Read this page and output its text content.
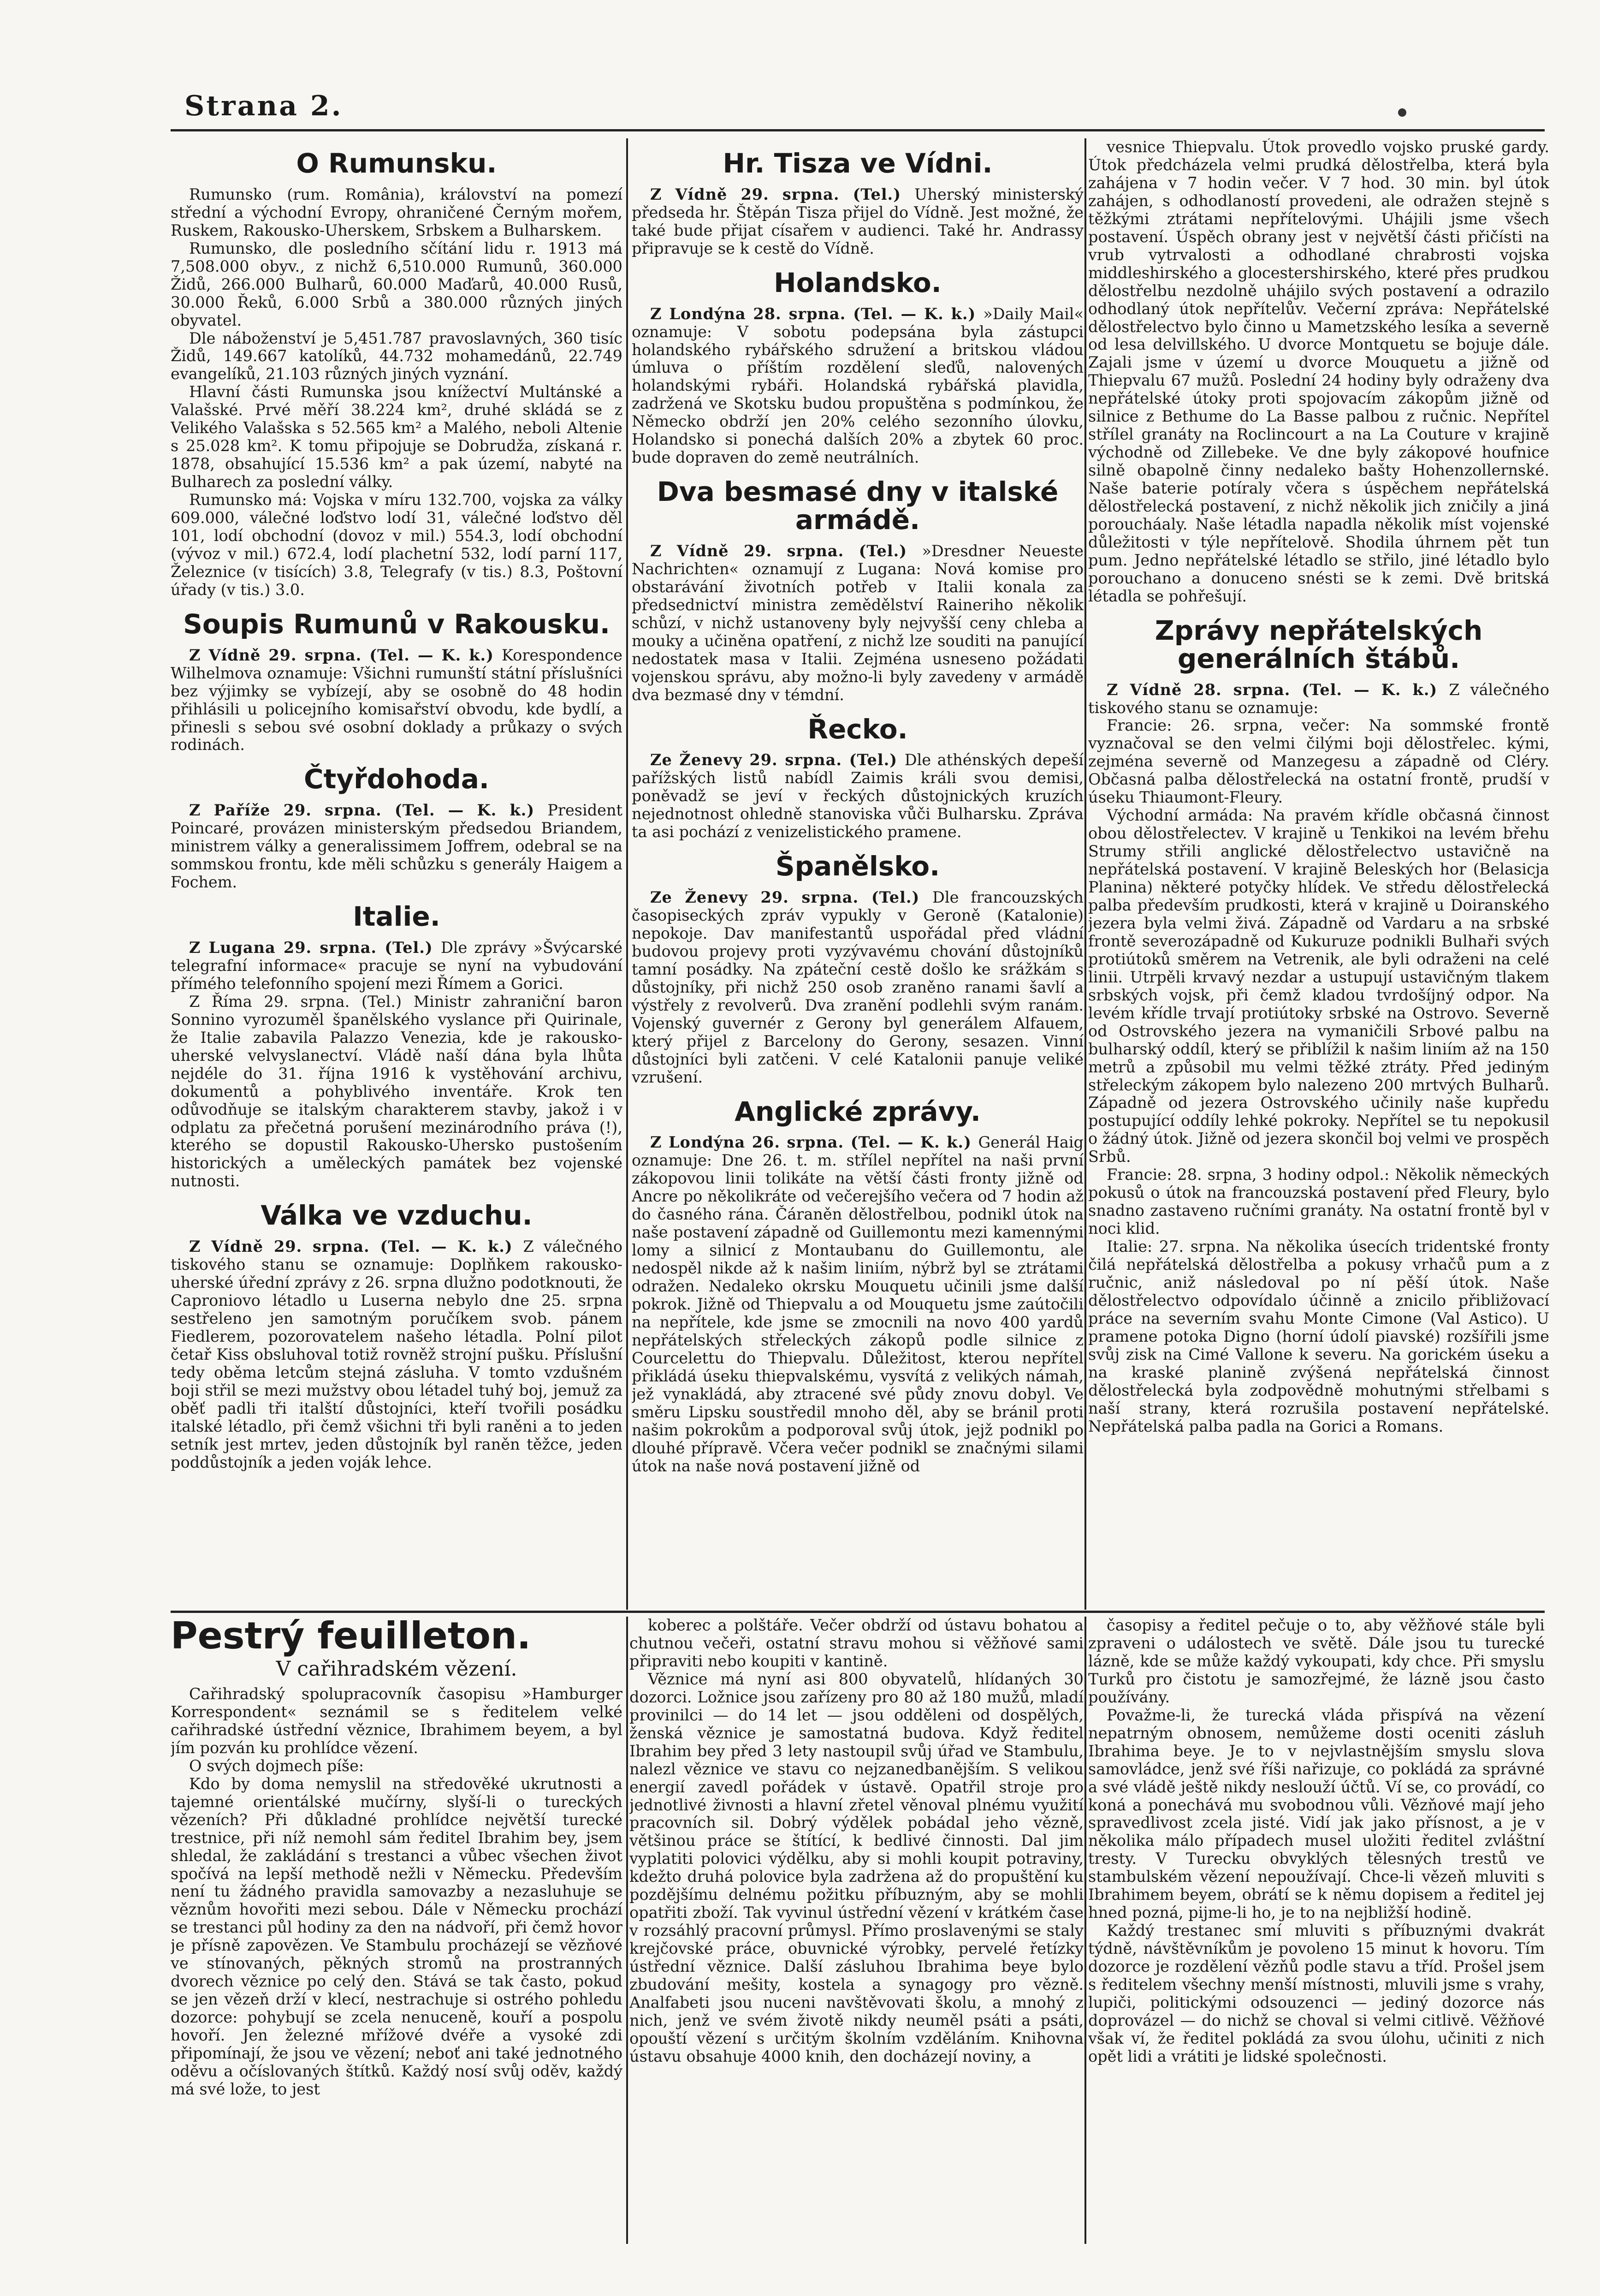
Strana 2.
O Rumunsku.

Rumunsko (rum. România), království na pomezí střední a východní Evropy, ohraničené Černým mořem, Ruskem, Rakousko-Uherskem, Srbskem a Bulharskem.

Rumunsko, dle posledního sčítání lidu r. 1913 má 7,508.000 obyv., z nichž 6,510.000 Rumunů, 360.000 Židů, 266.000 Bulharů, 60.000 Maďarů, 40.000 Rusů, 30.000 Řeků, 6.000 Srbů a 380.000 různých jiných obyvatel.

Dle náboženství je 5,451.787 pravoslavných, 360 tisíc Židů, 149.667 katolíků, 44.732 mohamedánů, 22.749 evangelíků, 21.103 různých jiných vyznání.

Hlavní části Rumunska jsou knížectví Multánské a Valašské. Prvé měří 38.224 km², druhé skládá se z Velikého Valašska s 52.565 km² a Malého, neboli Altenie s 25.028 km². K tomu připojuje se Dobrudža, získaná r. 1878, obsahující 15.536 km² a pak území, nabyté na Bulharech za poslední války.

Rumunsko má: Vojska v míru 132.700, vojska za války 609.000, válečné loďstvo lodí 31, válečné loďstvo děl 101, lodí obchodní (dovoz v mil.) 554.3, lodí obchodní (vývoz v mil.) 672.4, lodí plachetní 532, lodí parní 117, Železnice (v tisících) 3.8, Telegrafy (v tis.) 8.3, Poštovní úřady (v tis.) 3.0.

Soupis Rumunů v Rakousku.

Z Vídně 29. srpna. (Tel. — K. k.) Korespondence Wilhelmova oznamuje: Všichni rumunští státní příslušníci bez výjimky se vybízejí, aby se osobně do 48 hodin přihlásili u policejního komisařství obvodu, kde bydlí, a přinesli s sebou své osobní doklady a průkazy o svých rodinách.

Čtyřdohoda.

Z Paříže 29. srpna. (Tel. — K. k.) President Poincaré, provázen ministerským předsedou Briandem, ministrem války a generalissimem Joffrem, odebral se na sommskou frontu, kde měli schůzku s generály Haigem a Fochem.

Italie.

Z Lugana 29. srpna. (Tel.) Dle zprávy »Švýcarské telegrafní informace« pracuje se nyní na vybudování přímého telefonního spojení mezi Římem a Gorici.

Z Říma 29. srpna. (Tel.) Ministr zahraniční baron Sonnino vyrozuměl španělského vyslance při Quirinale, že Italie zabavila Palazzo Venezia, kde je rakousko-uherské velvyslanectví. Vládě naší dána byla lhůta nejdéle do 31. října 1916 k vystěhování archivu, dokumentů a pohyblivého inventáře. Krok ten odůvodňuje se italským charakterem stavby, jakož i v odplatu za přečetná porušení mezinárodního práva (!), kterého se dopustil Rakousko-Uhersko pustošením historických a uměleckých památek bez vojenské nutnosti.

Válka ve vzduchu.

Z Vídně 29. srpna. (Tel. — K. k.) Z válečného tiskového stanu se oznamuje: Doplňkem rakousko-uherské úřední zprávy z 26. srpna dlužno podotknouti, že Caproniovo létadlo u Luserna nebylo dne 25. srpna sestřeleno jen samotným poručíkem svob. pánem Fiedlerem, pozorovatelem našeho létadla. Polní pilot četař Kiss obsluhoval totiž rovněž strojní pušku. Příslušní tedy oběma letcům stejná zásluha. V tomto vzdušném boji střil se mezi mužstvy obou létadel tuhý boj, jemuž za oběť padli tři italští důstojníci, kteří tvořili posádku italské létadlo, při čemž všichni tři byli raněni a to jeden setník jest mrtev, jeden důstojník byl raněn těžce, jeden poddůstojník a jeden voják lehce.

Hr. Tisza ve Vídni.

Z Vídně 29. srpna. (Tel.) Uherský ministerský předseda hr. Štěpán Tisza přijel do Vídně. Jest možné, že také bude přijat císařem v audienci. Také hr. Andrassy připravuje se k cestě do Vídně.

Holandsko.

Z Londýna 28. srpna. (Tel. — K. k.) »Daily Mail« oznamuje: V sobotu podepsána byla zástupci holandského rybářského sdružení a britskou vládou úmluva o příštím rozdělení sleďů, nalovených holandskými rybáři. Holandská rybářská plavidla, zadržená ve Skotsku budou propuštěna s podmínkou, že Německo obdrží jen 20% celého sezonního úlovku, Holandsko si ponechá dalších 20% a zbytek 60 proc. bude dopraven do země neutrálních.

Dva besmasé dny v italské armádě.

Z Vídně 29. srpna. (Tel.) »Dresdner Neueste Nachrichten« oznamují z Lugana: Nová komise pro obstarávání životních potřeb v Italii konala za předsednictví ministra zemědělství Raineriho několik schůzí, v nichž ustanoveny byly nejvyšší ceny chleba a mouky a učiněna opatření, z nichž lze souditi na panující nedostatek masa v Italii. Zejména usneseno požádati vojenskou správu, aby možno-li byly zavedeny v armádě dva bezmasé dny v témdní.

Řecko.

Ze Ženevy 29. srpna. (Tel.) Dle athénských depeší pařížských listů nabídl Zaimis králi svou demisi, poněvadž se jeví v řeckých důstojnických kruzích nejednotnost ohledně stanoviska vůči Bulharsku. Zpráva ta asi pochází z venizelistického pramene.

Španělsko.

Ze Ženevy 29. srpna. (Tel.) Dle francouzských časopiseckých zpráv vypukly v Geroně (Katalonie) nepokoje. Dav manifestantů uspořádal před vládní budovou projevy proti vyzývavému chování důstojníků tamní posádky. Na zpáteční cestě došlo ke srážkám s důstojníky, při nichž 250 osob zraněno ranami šavlí a výstřely z revolverů. Dva zranění podlehli svým ranám. Vojenský guvernér z Gerony byl generálem Alfauem, který přijel z Barcelony do Gerony, sesazen. Vinní důstojníci byli zatčeni. V celé Katalonii panuje veliké vzrušení.

Anglické zprávy.

Z Londýna 26. srpna. (Tel. — K. k.) Generál Haig oznamuje: Dne 26. t. m. střílel nepřítel na naši první zákopovou linii tolikáte na větší části fronty jižně od Ancre po několikráte od večerejšího večera od 7 hodin až do časného rána. Čáraněn dělostřelbou, podnikl útok na naše postavení západně od Guillemontu mezi kamennými lomy a silnicí z Montaubanu do Guillemontu, ale nedospěl nikde až k našim liniím, nýbrž byl se ztrátami odražen. Nedaleko okrsku Mouquetu učinili jsme další pokrok. Jižně od Thiepvalu a od Mouquetu jsme zaútočili na nepřítele, kde jsme se zmocnili na novo 400 yardů nepřátelských střeleckých zákopů podle silnice z Courcelettu do Thiepvalu. Důležitost, kterou nepřítel přikládá úseku thiepvalskému, vysvítá z velikých námah, jež vynakládá, aby ztracené své půdy znovu dobyl. Ve směru Lipsku soustředil mnoho děl, aby se bránil proti našim pokrokům a podporoval svůj útok, jejž podnikl po dlouhé přípravě. Včera večer podnikl se značnými silami útok na naše nová postavení jižně od

vesnice Thiepvalu. Útok provedlo vojsko pruské gardy. Útok předcházela velmi prudká dělostřelba, která byla zahájena v 7 hodin večer. V 7 hod. 30 min. byl útok zahájen, s odhodlaností provedeni, ale odražen stejně s těžkými ztrátami nepřítelovými. Uhájili jsme všech postavení. Úspěch obrany jest v největší části přičísti na vrub vytrvalosti a odhodlané chrabrosti vojska middleshirského a glocestershirského, které přes prudkou dělostřelbu nezdolně uhájilo svých postavení a odrazilo odhodlaný útok nepřítelův. Večerní zpráva: Nepřátelské dělostřelectvo bylo činno u Mametzského lesíka a severně od lesa delvillského. U dvorce Montquetu se bojuje dále. Zajali jsme v území u dvorce Mouquetu a jižně od Thiepvalu 67 mužů. Poslední 24 hodiny byly odraženy dva nepřátelské útoky proti spojovacím zákopům jižně od silnice z Bethume do La Basse palbou z ručnic. Nepřítel střílel granáty na Roclincourt a na La Couture v krajině východně od Zillebeke. Ve dne byly zákopové houfnice silně obapolně činny nedaleko bašty Hohenzollernské. Naše baterie potíraly včera s úspěchem nepřátelská dělostřelecká postavení, z nichž několik jich zničily a jiná poroucháaly. Naše létadla napadla několik míst vojenské důležitosti v týle nepřítelově. Shodila úhrnem pět tun pum. Jedno nepřátelské létadlo se střilo, jiné létadlo bylo porouchano a donuceno snésti se k zemi. Dvě britská létadla se pohřešují.

Zprávy nepřátelských generálních štábů.

Z Vídně 28. srpna. (Tel. — K. k.) Z válečného tiskového stanu se oznamuje:

Francie: 26. srpna, večer: Na sommské frontě vyznačoval se den velmi čilými boji dělostřelec. kými, zejména severně od Manzegesu a západně od Cléry. Občasná palba dělostřelecká na ostatní frontě, prudší v úseku Thiaumont-Fleury.

Východní armáda: Na pravém křídle občasná činnost obou dělostřelectev. V krajině u Tenkikoi na levém břehu Strumy střili anglické dělostřelectvo ustavičně na nepřátelská postavení. V krajině Beleských hor (Belasicja Planina) některé potyčky hlídek. Ve středu dělostřelecká palba především prudkosti, která v krajině u Doiranského jezera byla velmi živá. Západně od Vardaru a na srbské frontě severozápadně od Kukuruze podnikli Bulhaři svých protiútoků směrem na Vetrenik, ale byli odraženi na celé linii. Utrpěli krvavý nezdar a ustupují ustavičným tlakem srbských vojsk, při čemž kladou tvrdošíjný odpor. Na levém křídle trvají protiútoky srbské na Ostrovo. Severně od Ostrovského jezera na vymaničili Srbové palbu na bulharský oddíl, který se přiblížil k našim liniím až na 150 metrů a způsobil mu velmi těžké ztráty. Před jediným střeleckým zákopem bylo nalezeno 200 mrtvých Bulharů. Západně od jezera Ostrovského učinily naše kupředu postupující oddíly lehké pokroky. Nepřítel se tu nepokusil o žádný útok. Jižně od jezera skončil boj velmi ve prospěch Srbů.

Francie: 28. srpna, 3 hodiny odpol.: Několik německých pokusů o útok na francouzská postavení před Fleury, bylo snadno zastaveno ručními granáty. Na ostatní frontě byl v noci klid.

Italie: 27. srpna. Na několika úsecích tridentské fronty čilá nepřátelská dělostřelba a pokusy vrhačů pum a z ručnic, aniž následoval po ní pěší útok. Naše dělostřelectvo odpovídalo účinně a znicilo přibližovací práce na severním svahu Monte Cimone (Val Astico). U pramene potoka Digno (horní údolí piavské) rozšířili jsme svůj zisk na Cimé Vallone k severu. Na gorickém úseku a na kraské planině zvýšená nepřátelská činnost dělostřelecká byla zodpovědně mohutnými střelbami s naší strany, která rozrušila postavení nepřátelské. Nepřátelská palba padla na Gorici a Romans.

Pestrý feuilleton.
V cařihradském vězení.

Cařihradský spolupracovník časopisu »Hamburger Korrespondent« seznámil se s ředitelem velké cařihradské ústřední věznice, Ibrahimem beyem, a byl jím pozván ku prohlídce vězení.

O svých dojmech píše:

Kdo by doma nemyslil na středověké ukrutnosti a tajemné orientálské mučírny, slyší-li o tureckých vězeních? Při důkladné prohlídce největší turecké trestnice, při níž nemohl sám ředitel Ibrahim bey, jsem shledal, že zakládání s trestanci a vůbec všechen život spočívá na lepší methodě nežli v Německu. Především není tu žádného pravidla samovazby a nezasluhuje se věznům hovořiti mezi sebou. Dále v Německu prochází se trestanci půl hodiny za den na nádvoří, při čemž hovor je přísně zapovězen. Ve Stambulu procházejí se vězňové ve stínovaných, pěkných stromů na prostranných dvorech věznice po celý den. Stává se tak často, pokud se jen vězeň drží v klecí, nestrachuje si ostrého pohledu dozorce: pohybují se zcela nenuceně, kouří a pospolu hovoří. Jen železné mřížové dvéře a vysoké zdi připomínají, že jsou ve vězení; neboť ani také jednotného oděvu a očíslovaných štítků. Každý nosí svůj oděv, každý má své lože, to jest

koberec a polštáře. Večer obdrží od ústavu bohatou a chutnou večeři, ostatní stravu mohou si věžňové sami připraviti nebo koupiti v kantině.

Věznice má nyní asi 800 obyvatelů, hlídaných 30 dozorci. Ložnice jsou zařízeny pro 80 až 180 mužů, mladí provinilci — do 14 let — jsou odděleni od dospělých, ženská věznice je samostatná budova. Když ředitel Ibrahim bey před 3 lety nastoupil svůj úřad ve Stambulu, nalezl věznice ve stavu co nejzanedbanějším. S velikou energií zavedl pořádek v ústavě. Opatřil stroje pro jednotlivé živnosti a hlavní zřetel věnoval plnému využití pracovních sil. Dobrý výdělek pobádal jeho vězně, většinou práce se štítící, k bedlivé činnosti. Dal jim vyplatiti polovici výdělku, aby si mohli koupit potraviny, kdežto druhá polovice byla zadržena až do propuštění ku pozdějšímu delnému požitku příbuzným, aby se mohli opatřiti zboží. Tak vyvinul ústřední vězení v krátkém čase v rozsáhlý pracovní průmysl. Přímo proslavenými se staly krejčovské práce, obuvnické výrobky, pervelé řetízky ústřední věznice. Další zásluhou Ibrahima beye bylo zbudování mešity, kostela a synagogy pro vězně. Analfabeti jsou nuceni navštěvovati školu, a mnohý z nich, jenž ve svém životě nikdy neuměl psáti a psáti, opouští vězení s určitým školním vzděláním. Knihovna ústavu obsahuje 4000 knih, den docházejí noviny, a

časopisy a ředitel pečuje o to, aby věžňové stále byli zpraveni o událostech ve světě. Dále jsou tu turecké lázně, kde se může každý vykoupati, kdy chce. Při smyslu Turků pro čistotu je samozřejmé, že lázně jsou často používány.

Považme-li, že turecká vláda přispívá na vězení nepatrným obnosem, nemůžeme dosti oceniti zásluh Ibrahima beye. Je to v nejvlastnějším smyslu slova samovládce, jenž své říši nařizuje, co pokládá za správné a své vládě ještě nikdy neslouží účtů. Ví se, co provádí, co koná a ponechává mu svobodnou vůli. Vězňové mají jeho spravedlivost zcela jisté. Vidí jak jako přísnost, a je v několika málo případech musel uložiti ředitel zvláštní tresty. V Turecku obvyklých tělesných trestů ve stambulském vězení nepoužívají. Chce-li vězeň mluviti s Ibrahimem beyem, obrátí se k němu dopisem a ředitel jej hned pozná, pijme-li ho, je to na nejbližší hodině.

Každý trestanec smí mluviti s příbuznými dvakrát týdně, návštěvníkům je povoleno 15 minut k hovoru. Tím dozorce je rozdělení vězňů podle stavu a tříd. Prošel jsem s ředitelem všechny menší místnosti, mluvili jsme s vrahy, lupiči, politickými odsouzenci — jediný dozorce nás doprovázel — do nichž se choval si velmi citlivě. Věžňové však ví, že ředitel pokládá za svou úlohu, učiniti z nich opět lidi a vrátiti je lidské společnosti.
